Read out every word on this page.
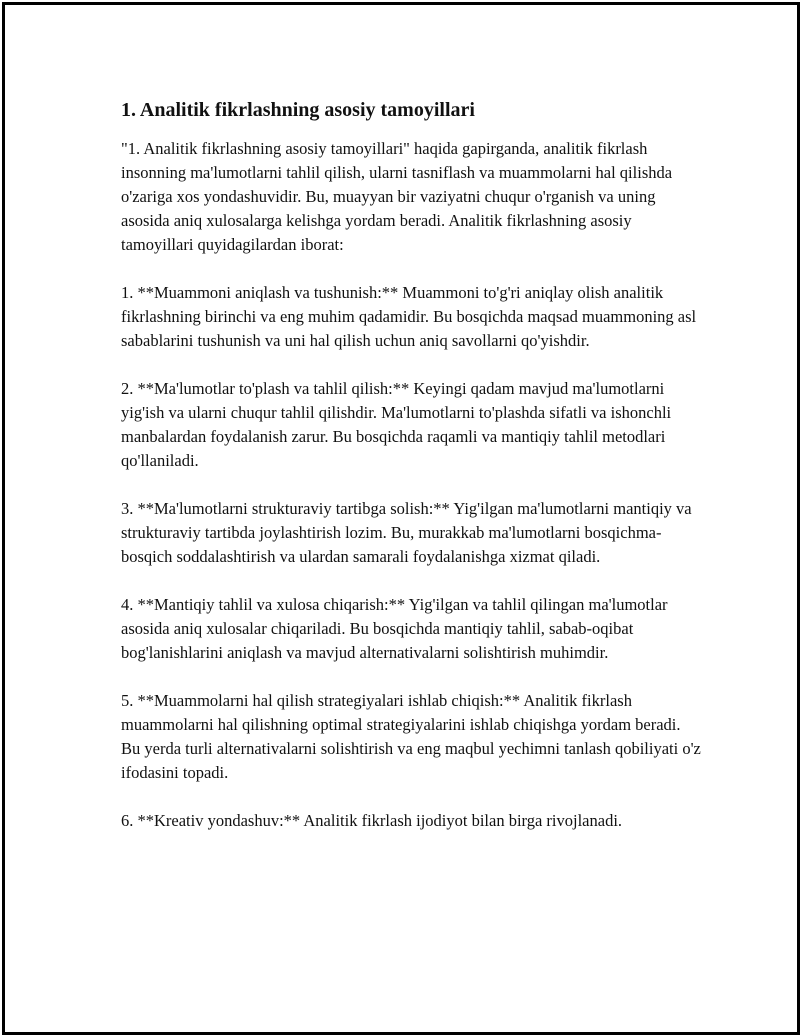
1. Analitik fikrlashning asosiy tamoyillari

"1. Analitik fikrlashning asosiy tamoyillari" haqida gapirganda, analitik fikrlash insonning ma'lumotlarni tahlil qilish, ularni tasniflash va muammolarni hal qilishda o'zariga xos yondashuvidir. Bu, muayyan bir vaziyatni chuqur o'rganish va uning asosida aniq xulosalarga kelishga yordam beradi. Analitik fikrlashning asosiy tamoyillari quyidagilardan iborat:

1. **Muammoni aniqlash va tushunish:** Muammoni to'g'ri aniqlay olish analitik fikrlashning birinchi va eng muhim qadamidir. Bu bosqichda maqsad muammoning asl sabablarini tushunish va uni hal qilish uchun aniq savollarni qo'yishdir.

2. **Ma'lumotlar to'plash va tahlil qilish:** Keyingi qadam mavjud ma'lumotlarni yig'ish va ularni chuqur tahlil qilishdir. Ma'lumotlarni to'plashda sifatli va ishonchli manbalardan foydalanish zarur. Bu bosqichda raqamli va mantiqiy tahlil metodlari qo'llaniladi.

3. **Ma'lumotlarni strukturaviy tartibga solish:** Yig'ilgan ma'lumotlarni mantiqiy va strukturaviy tartibda joylashtirish lozim. Bu, murakkab ma'lumotlarni bosqichma-bosqich soddalashtirish va ulardan samarali foydalanishga xizmat qiladi.

4. **Mantiqiy tahlil va xulosa chiqarish:** Yig'ilgan va tahlil qilingan ma'lumotlar asosida aniq xulosalar chiqariladi. Bu bosqichda mantiqiy tahlil, sabab-oqibat bog'lanishlarini aniqlash va mavjud alternativalarni solishtirish muhimdir.

5. **Muammolarni hal qilish strategiyalari ishlab chiqish:** Analitik fikrlash muammolarni hal qilishning optimal strategiyalarini ishlab chiqishga yordam beradi. Bu yerda turli alternativalarni solishtirish va eng maqbul yechimni tanlash qobiliyati o'z ifodasini topadi.

6. **Kreativ yondashuv:** Analitik fikrlash ijodiyot bilan birga rivojlanadi.
